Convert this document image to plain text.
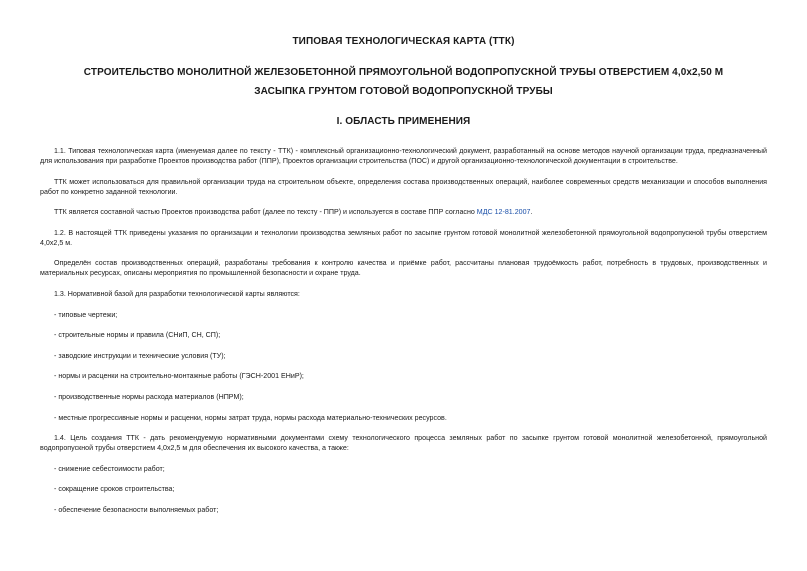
ТИПОВАЯ ТЕХНОЛОГИЧЕСКАЯ КАРТА (ТТК)
СТРОИТЕЛЬСТВО МОНОЛИТНОЙ ЖЕЛЕЗОБЕТОННОЙ ПРЯМОУГОЛЬНОЙ ВОДОПРОПУСКНОЙ ТРУБЫ ОТВЕРСТИЕМ 4,0х2,50 М
ЗАСЫПКА ГРУНТОМ ГОТОВОЙ ВОДОПРОПУСКНОЙ ТРУБЫ
I. ОБЛАСТЬ ПРИМЕНЕНИЯ

1.1. Типовая технологическая карта (именуемая далее по тексту - ТТК) - комплексный организационно-технологический документ, разработанный на основе методов научной организации труда, предназначенный для использования при разработке Проектов производства работ (ППР), Проектов организации строительства (ПОС) и другой организационно-технологической документации в строительстве.

ТТК может использоваться для правильной организации труда на строительном объекте, определения состава производственных операций, наиболее современных средств механизации и способов выполнения работ по конкретно заданной технологии.

ТТК является составной частью Проектов производства работ (далее по тексту - ППР) и используется в составе ППР согласно МДС 12-81.2007.

1.2. В настоящей ТТК приведены указания по организации и технологии производства земляных работ по засыпке грунтом готовой монолитной железобетонной прямоугольной водопропускной трубы отверстием 4,0х2,5 м.

Определён состав производственных операций, разработаны требования к контролю качества и приёмке работ, рассчитаны плановая трудоёмкость работ, потребность в трудовых, производственных и материальных ресурсах, описаны мероприятия по промышленной безопасности и охране труда.

1.3. Нормативной базой для разработки технологической карты являются:

- типовые чертежи;

- строительные нормы и правила (СНиП, СН, СП);

- заводские инструкции и технические условия (ТУ);

- нормы и расценки на строительно-монтажные работы (ГЭСН-2001 ЕНиР);

- производственные нормы расхода материалов (НПРМ);

- местные прогрессивные нормы и расценки, нормы затрат труда, нормы расхода материально-технических ресурсов.

1.4. Цель создания ТТК - дать рекомендуемую нормативными документами схему технологического процесса земляных работ по засыпке грунтом готовой монолитной железобетонной, прямоугольной водопропускной трубы отверстием 4,0х2,5 м для обеспечения их высокого качества, а также:

- снижение себестоимости работ;

- сокращение сроков строительства;

- обеспечение безопасности выполняемых работ;
